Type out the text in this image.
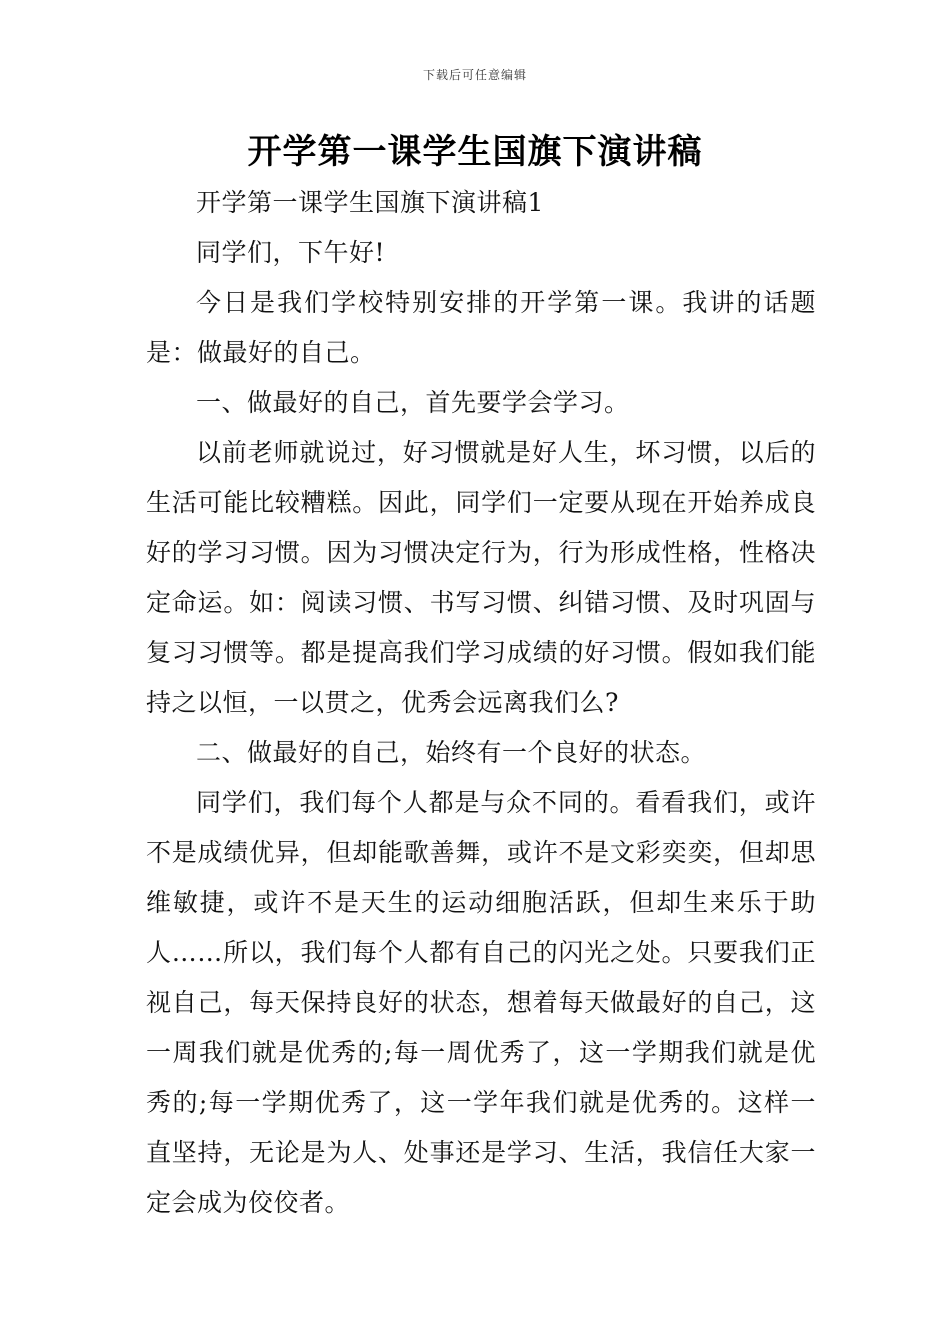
下载后可任意编辑
开学第一课学生国旗下演讲稿

开学第一课学生国旗下演讲稿1

同学们，下午好!

今日是我们学校特别安排的开学第一课。我讲的话题是：做最好的自己。

一、做最好的自己，首先要学会学习。

以前老师就说过，好习惯就是好人生，坏习惯，以后的生活可能比较糟糕。因此，同学们一定要从现在开始养成良好的学习习惯。因为习惯决定行为，行为形成性格，性格决定命运。如：阅读习惯、书写习惯、纠错习惯、及时巩固与复习习惯等。都是提高我们学习成绩的好习惯。假如我们能持之以恒，一以贯之，优秀会远离我们么?

二、做最好的自己，始终有一个良好的状态。

同学们，我们每个人都是与众不同的。看看我们，或许不是成绩优异，但却能歌善舞，或许不是文彩奕奕，但却思维敏捷，或许不是天生的运动细胞活跃，但却生来乐于助人……所以，我们每个人都有自己的闪光之处。只要我们正视自己，每天保持良好的状态，想着每天做最好的自己，这一周我们就是优秀的;每一周优秀了，这一学期我们就是优秀的;每一学期优秀了，这一学年我们就是优秀的。这样一直坚持，无论是为人、处事还是学习、生活，我信任大家一定会成为佼佼者。
